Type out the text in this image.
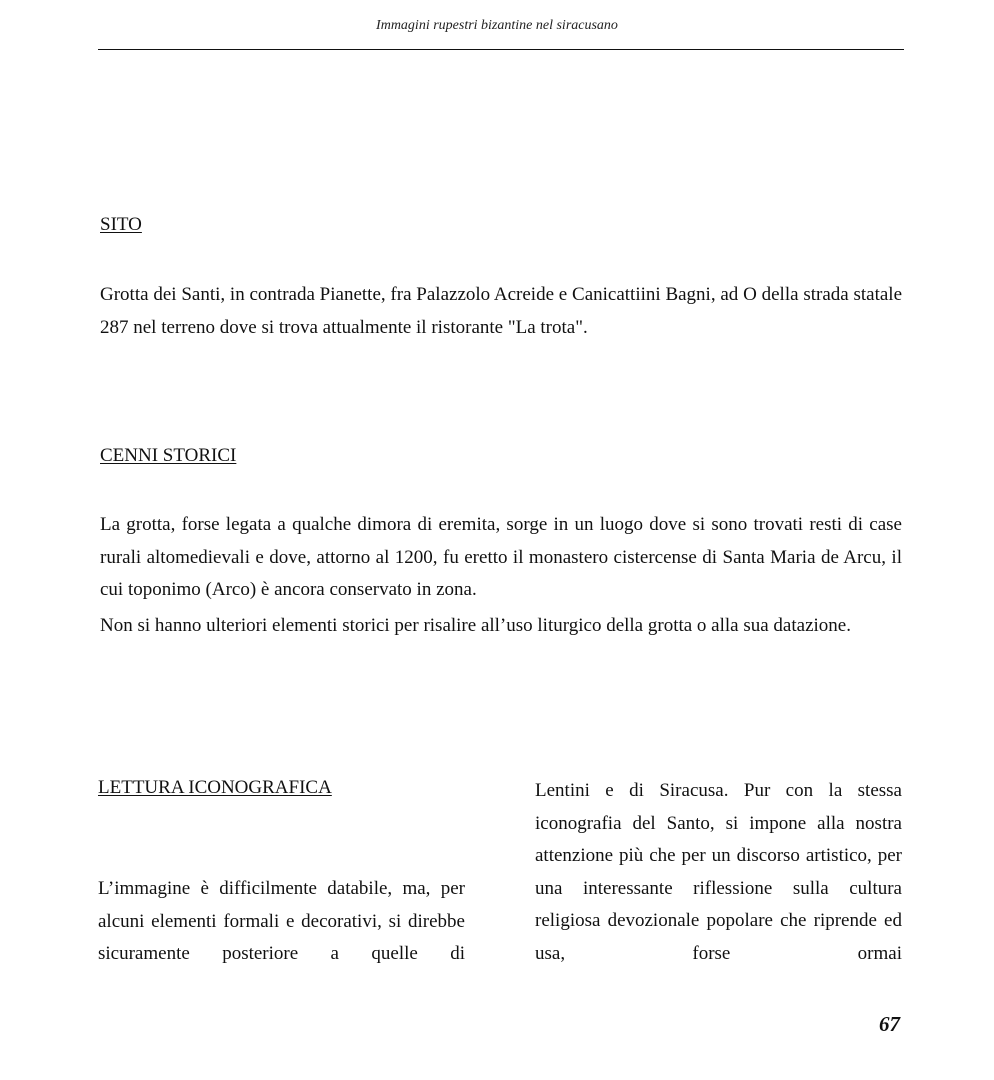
Immagini rupestri bizantine nel siracusano
SITO

Grotta dei Santi, in contrada Pianette, fra Palazzolo Acreide e Canicattiini Bagni, ad O della strada statale 287 nel terreno dove si trova attualmente il ristorante "La trota".

CENNI STORICI

La grotta, forse legata a qualche dimora di eremita, sorge in un luogo dove si sono trovati resti di case rurali altomedievali e dove, attorno al 1200, fu eretto il monastero cistercense di Santa Maria de Arcu, il cui toponimo (Arco) è ancora conservato in zona.

Non si hanno ulteriori elementi storici per risalire all’uso liturgico della grotta o alla sua datazione.

LETTURA ICONOGRAFICA

L’immagine è difficilmente databile, ma, per alcuni elementi formali e decorativi, si direbbe sicuramente posteriore a quelle di

Lentini e di Siracusa. Pur con la stessa iconografia del Santo, si impone alla nostra attenzione più che per un discorso artistico, per una interessante riflessione sulla cultura religiosa devozionale popolare che riprende ed usa, forse ormai

67
